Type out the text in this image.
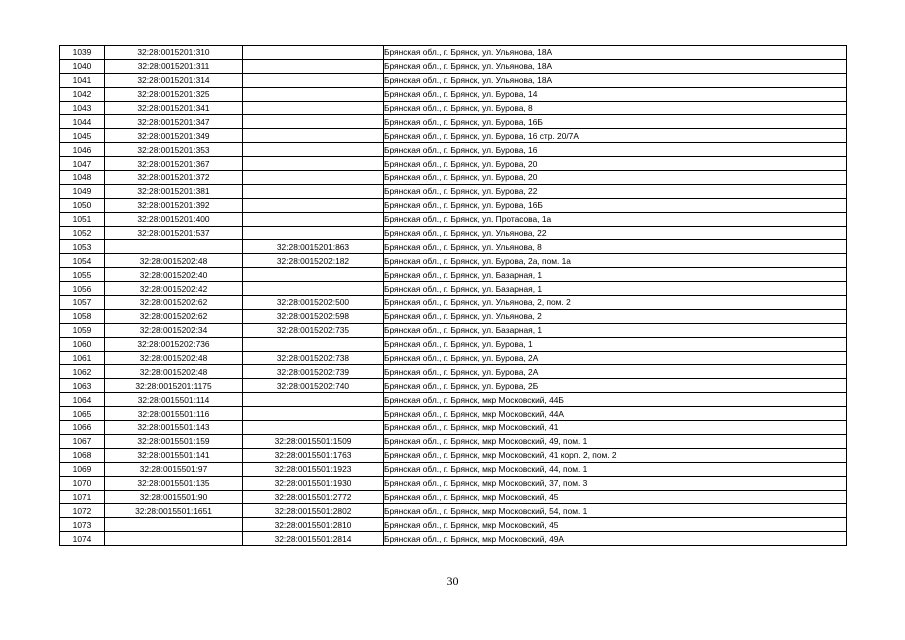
1039	32:28:0015201:310		Брянская обл., г. Брянск, ул. Ульянова, 18А
1040	32:28:0015201:311		Брянская обл., г. Брянск, ул. Ульянова, 18А
1041	32:28:0015201:314		Брянская обл., г. Брянск, ул. Ульянова, 18А
1042	32:28:0015201:325		Брянская обл., г. Брянск, ул. Бурова, 14
1043	32:28:0015201:341		Брянская обл., г. Брянск, ул. Бурова, 8
1044	32:28:0015201:347		Брянская обл., г. Брянск, ул. Бурова, 16Б
1045	32:28:0015201:349		Брянская обл., г. Брянск, ул. Бурова, 16 стр. 20/7А
1046	32:28:0015201:353		Брянская обл., г. Брянск, ул. Бурова, 16
1047	32:28:0015201:367		Брянская обл., г. Брянск, ул. Бурова, 20
1048	32:28:0015201:372		Брянская обл., г. Брянск, ул. Бурова, 20
1049	32:28:0015201:381		Брянская обл., г. Брянск, ул. Бурова, 22
1050	32:28:0015201:392		Брянская обл., г. Брянск, ул. Бурова, 16Б
1051	32:28:0015201:400		Брянская обл., г. Брянск, ул. Протасова, 1а
1052	32:28:0015201:537		Брянская обл., г. Брянск, ул. Ульянова, 22
1053		32:28:0015201:863	Брянская обл., г. Брянск, ул. Ульянова, 8
1054	32:28:0015202:48	32:28:0015202:182	Брянская обл., г. Брянск, ул. Бурова, 2а, пом. 1а
1055	32:28:0015202:40		Брянская обл., г. Брянск, ул. Базарная, 1
1056	32:28:0015202:42		Брянская обл., г. Брянск, ул. Базарная, 1
1057	32:28:0015202:62	32:28:0015202:500	Брянская обл., г. Брянск, ул. Ульянова, 2, пом. 2
1058	32:28:0015202:62	32:28:0015202:598	Брянская обл., г. Брянск, ул. Ульянова, 2
1059	32:28:0015202:34	32:28:0015202:735	Брянская обл., г. Брянск, ул. Базарная, 1
1060	32:28:0015202:736		Брянская обл., г. Брянск, ул. Бурова, 1
1061	32:28:0015202:48	32:28:0015202:738	Брянская обл., г. Брянск, ул. Бурова, 2А
1062	32:28:0015202:48	32:28:0015202:739	Брянская обл., г. Брянск, ул. Бурова, 2А
1063	32:28:0015201:1175	32:28:0015202:740	Брянская обл., г. Брянск, ул. Бурова, 2Б
1064	32:28:0015501:114		Брянская обл., г. Брянск, мкр Московский, 44Б
1065	32:28:0015501:116		Брянская обл., г. Брянск, мкр Московский, 44А
1066	32:28:0015501:143		Брянская обл., г. Брянск, мкр Московский, 41
1067	32:28:0015501:159	32:28:0015501:1509	Брянская обл., г. Брянск, мкр Московский, 49, пом. 1
1068	32:28:0015501:141	32:28:0015501:1763	Брянская обл., г. Брянск, мкр Московский, 41 корп. 2, пом. 2
1069	32:28:0015501:97	32:28:0015501:1923	Брянская обл., г. Брянск, мкр Московский, 44, пом. 1
1070	32:28:0015501:135	32:28:0015501:1930	Брянская обл., г. Брянск, мкр Московский, 37, пом. 3
1071	32:28:0015501:90	32:28:0015501:2772	Брянская обл., г. Брянск, мкр Московский, 45
1072	32:28:0015501:1651	32:28:0015501:2802	Брянская обл., г. Брянск, мкр Московский, 54, пом. 1
1073		32:28:0015501:2810	Брянская обл., г. Брянск, мкр Московский, 45
1074		32:28:0015501:2814	Брянская обл., г. Брянск, мкр Московский, 49А
30
